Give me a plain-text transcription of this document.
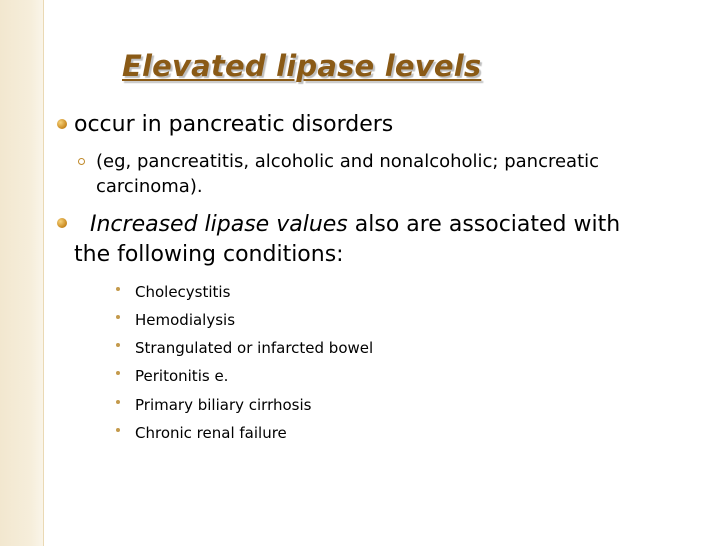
Elevated lipase levels
occur in pancreatic disorders
(eg, pancreatitis, alcoholic and nonalcoholic; pancreatic
carcinoma).
Increased lipase values also are associated with
the following conditions:
Cholecystitis
Hemodialysis
Strangulated or infarcted bowel
Peritonitis e.
Primary biliary cirrhosis
Chronic renal failure
